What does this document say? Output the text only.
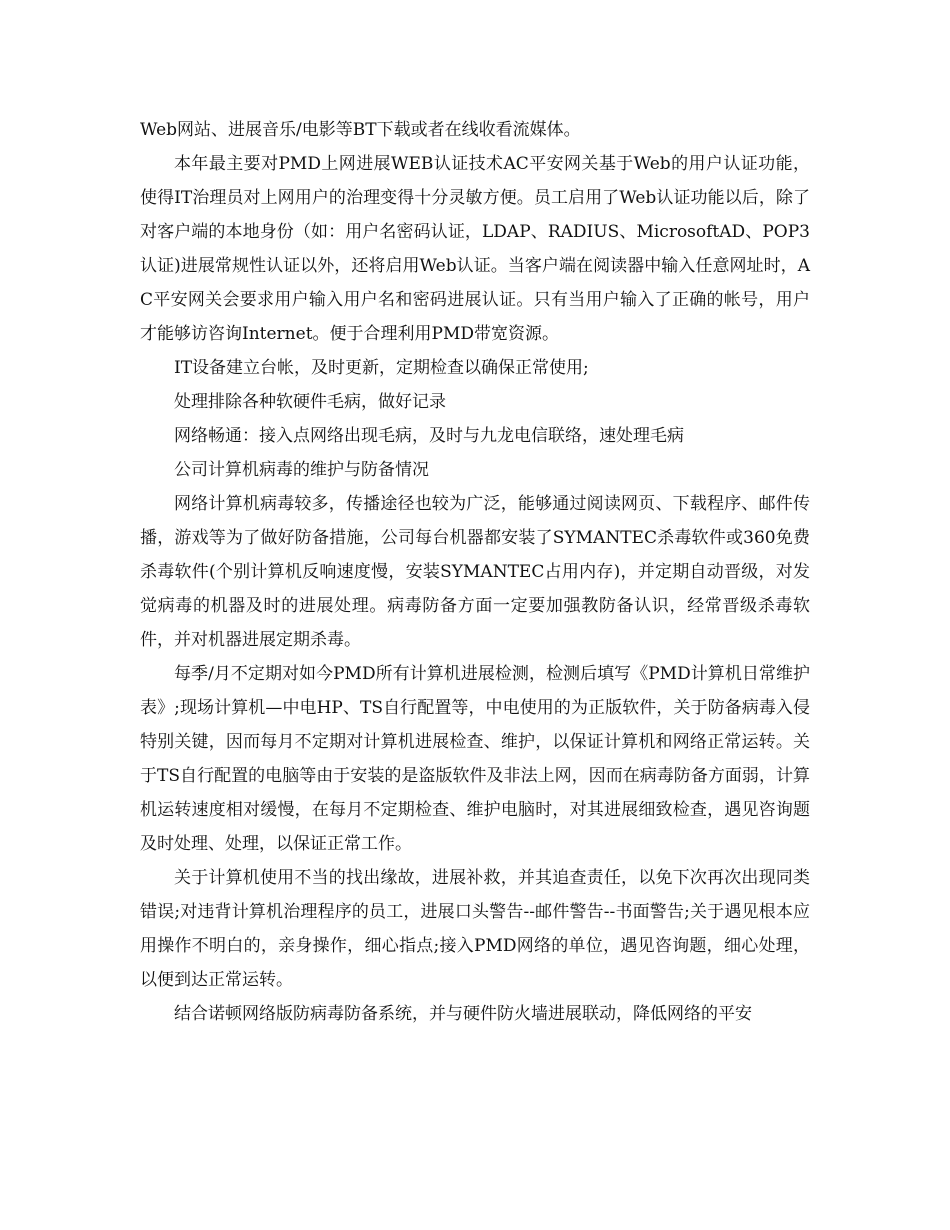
Web网站、进展音乐/电影等BT下载或者在线收看流媒体。

本年最主要对PMD上网进展WEB认证技术AC平安网关基于Web的用户认证功能，使得IT治理员对上网用户的治理变得十分灵敏方便。员工启用了Web认证功能以后，除了对客户端的本地身份（如：用户名密码认证，LDAP、RADIUS、MicrosoftAD、POP3认证)进展常规性认证以外，还将启用Web认证。当客户端在阅读器中输入任意网址时，AC平安网关会要求用户输入用户名和密码进展认证。只有当用户输入了正确的帐号，用户才能够访咨询Internet。便于合理利用PMD带宽资源。

IT设备建立台帐，及时更新，定期检查以确保正常使用;

处理排除各种软硬件毛病，做好记录

网络畅通：接入点网络出现毛病，及时与九龙电信联络，速处理毛病

公司计算机病毒的维护与防备情况

网络计算机病毒较多，传播途径也较为广泛，能够通过阅读网页、下载程序、邮件传播，游戏等为了做好防备措施，公司每台机器都安装了SYMANTEC杀毒软件或360免费杀毒软件(个别计算机反响速度慢，安装SYMANTEC占用内存)，并定期自动晋级，对发觉病毒的机器及时的进展处理。病毒防备方面一定要加强教防备认识，经常晋级杀毒软件，并对机器进展定期杀毒。

每季/月不定期对如今PMD所有计算机进展检测，检测后填写《PMD计算机日常维护表》;现场计算机—中电HP、TS自行配置等，中电使用的为正版软件，关于防备病毒入侵特别关键，因而每月不定期对计算机进展检查、维护，以保证计算机和网络正常运转。关于TS自行配置的电脑等由于安装的是盗版软件及非法上网，因而在病毒防备方面弱，计算机运转速度相对缓慢，在每月不定期检查、维护电脑时，对其进展细致检查，遇见咨询题及时处理、处理，以保证正常工作。

关于计算机使用不当的找出缘故，进展补救，并其追查责任，以免下次再次出现同类错误;对违背计算机治理程序的员工，进展口头警告--邮件警告--书面警告;关于遇见根本应用操作不明白的，亲身操作，细心指点;接入PMD网络的单位，遇见咨询题，细心处理，以便到达正常运转。

结合诺顿网络版防病毒防备系统，并与硬件防火墙进展联动，降低网络的平安
